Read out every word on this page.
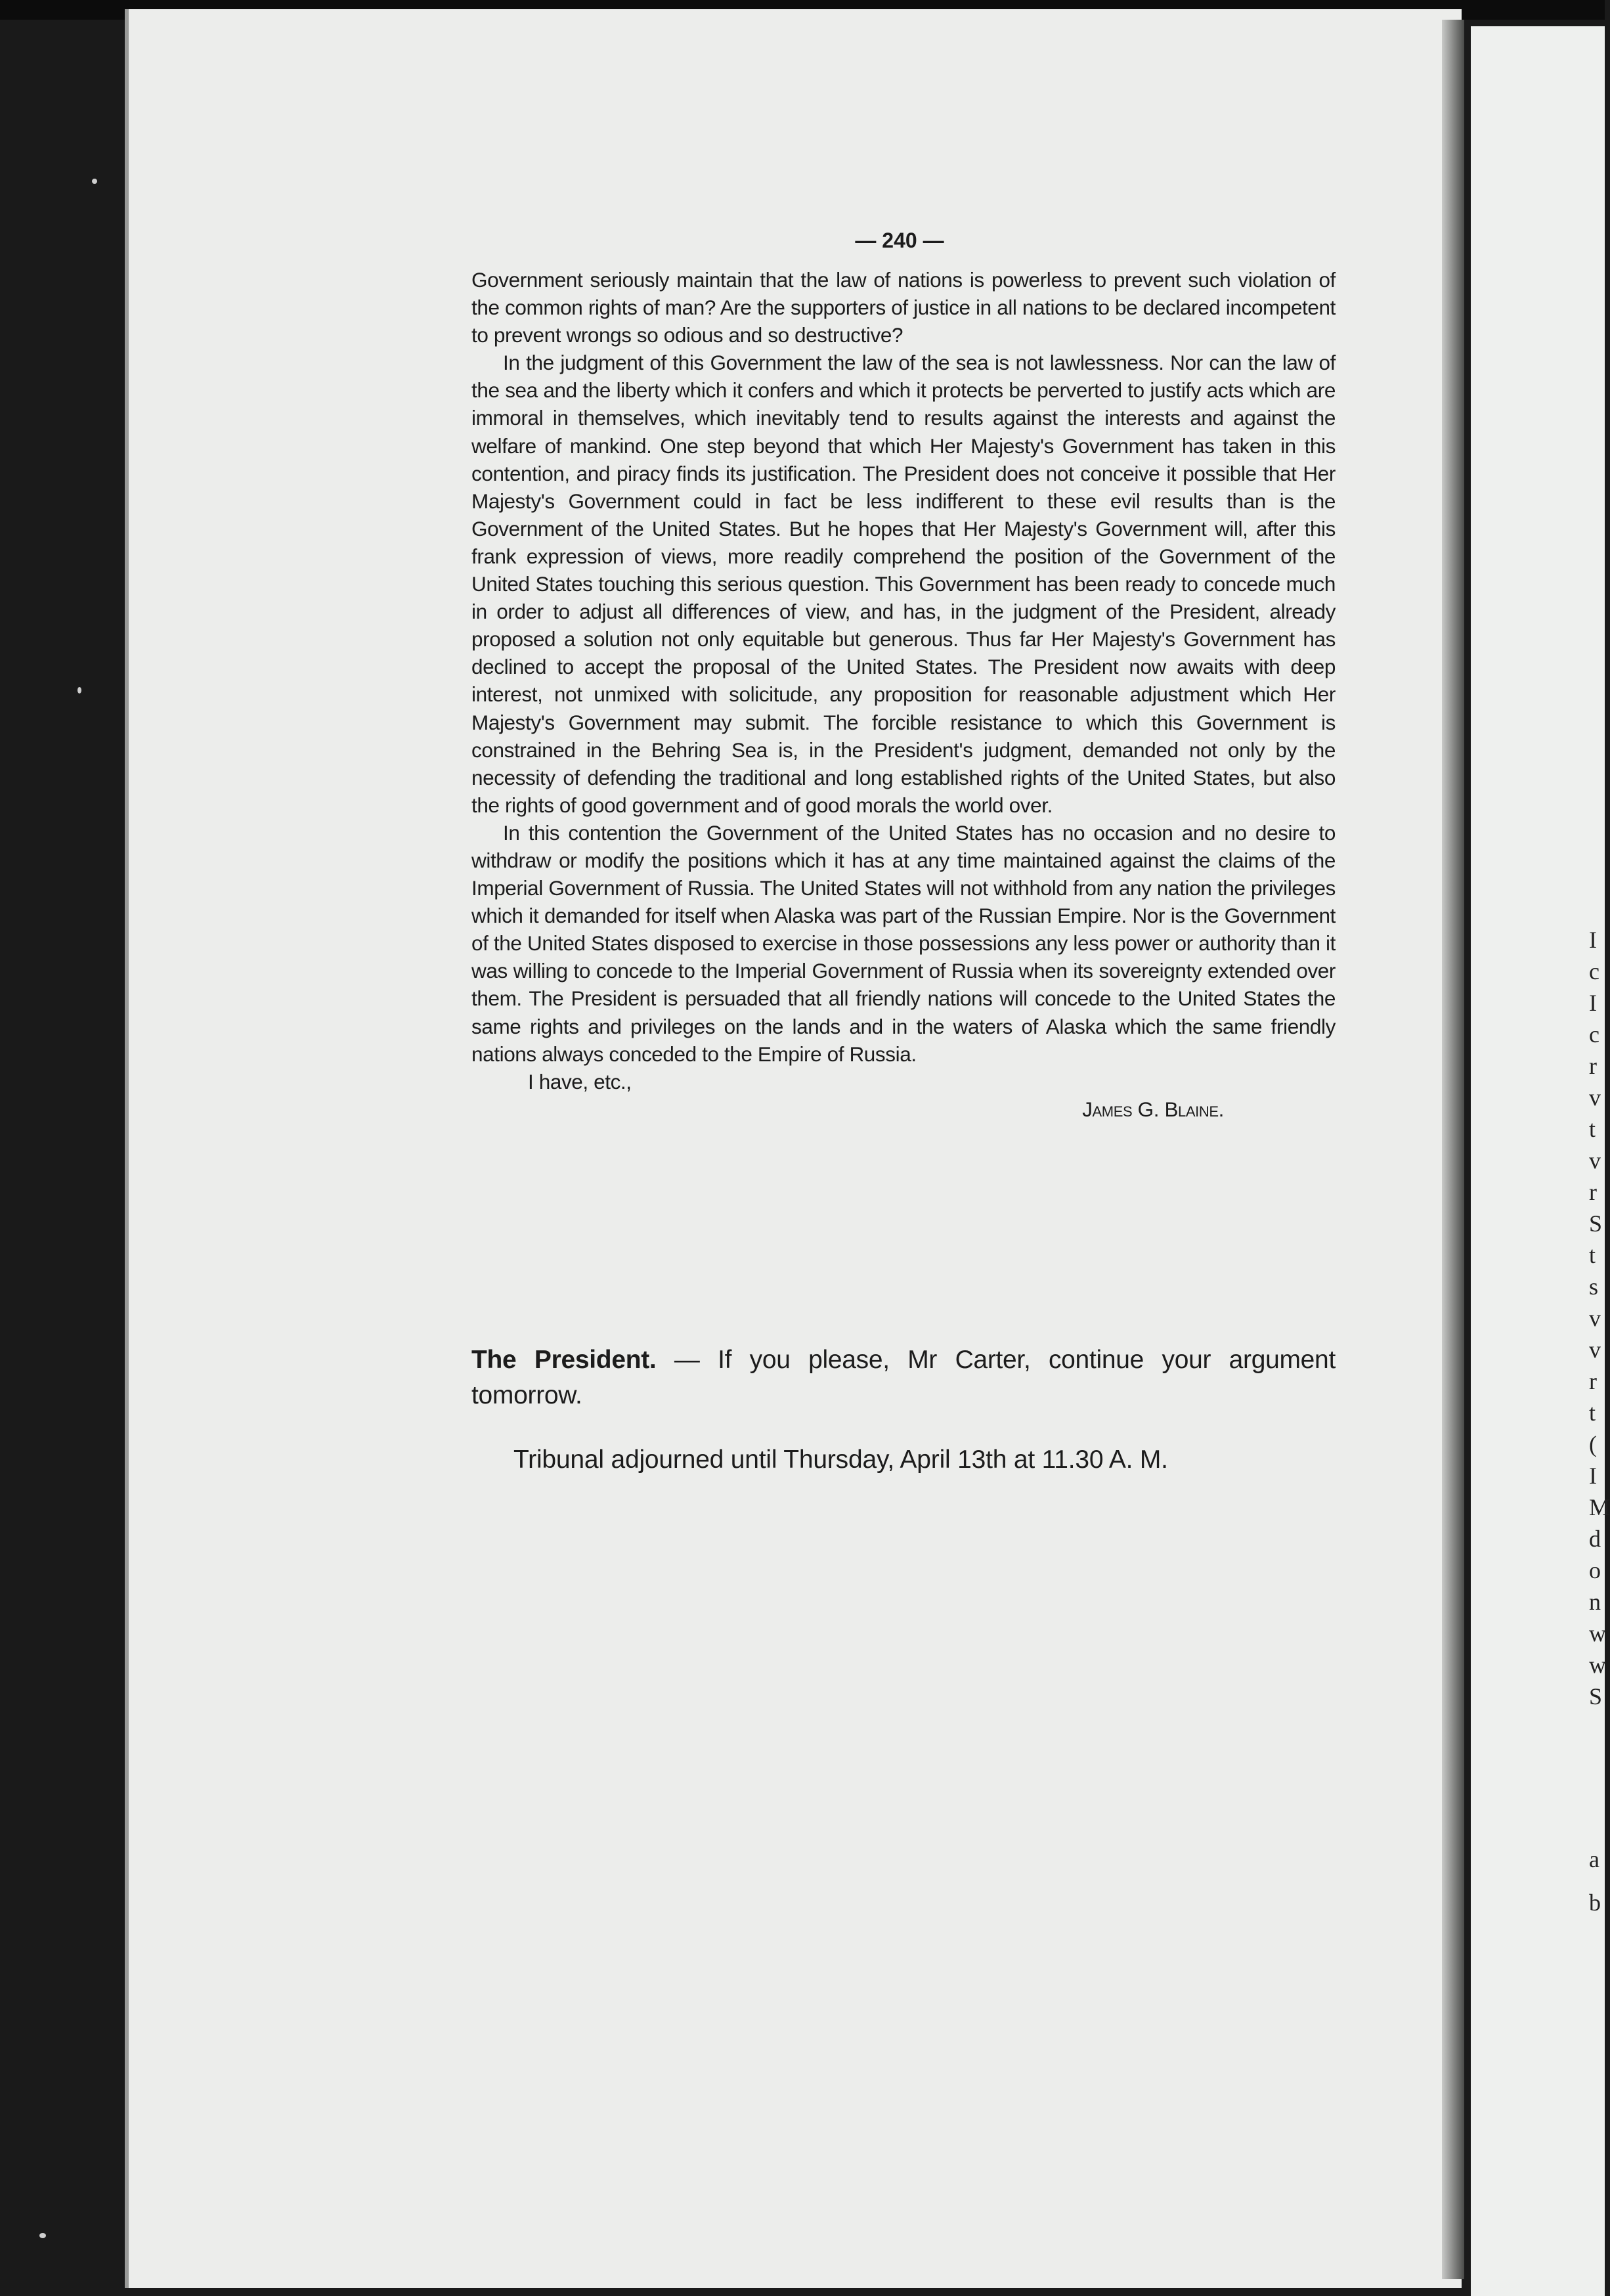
I
c
I
c
r
v
t
v
r
S
t
s
v
v
r
t
(
I
M
d
o
n
w
w
S
a
b
— 240 —

Government seriously maintain that the law of nations is powerless to prevent such violation of the common rights of man? Are the supporters of justice in all nations to be declared incompetent to prevent wrongs so odious and so destructive?

In the judgment of this Government the law of the sea is not lawlessness. Nor can the law of the sea and the liberty which it confers and which it protects be perverted to justify acts which are immoral in themselves, which inevitably tend to results against the interests and against the welfare of mankind. One step beyond that which Her Majesty's Government has taken in this contention, and piracy finds its justification. The President does not conceive it possible that Her Majesty's Government could in fact be less indifferent to these evil results than is the Government of the United States. But he hopes that Her Majesty's Government will, after this frank expression of views, more readily comprehend the position of the Government of the United States touching this serious question. This Government has been ready to concede much in order to adjust all differences of view, and has, in the judgment of the President, already proposed a solution not only equitable but generous. Thus far Her Majesty's Government has declined to accept the proposal of the United States. The President now awaits with deep interest, not unmixed with solicitude, any proposition for reasonable adjustment which Her Majesty's Government may submit. The forcible resistance to which this Government is constrained in the Behring Sea is, in the President's judgment, demanded not only by the necessity of defending the traditional and long established rights of the United States, but also the rights of good government and of good morals the world over.

In this contention the Government of the United States has no occasion and no desire to withdraw or modify the positions which it has at any time maintained against the claims of the Imperial Government of Russia. The United States will not withhold from any nation the privileges which it demanded for itself when Alaska was part of the Russian Empire. Nor is the Government of the United States disposed to exercise in those possessions any less power or authority than it was willing to concede to the Imperial Government of Russia when its sovereignty extended over them. The President is persuaded that all friendly nations will concede to the United States the same rights and privileges on the lands and in the waters of Alaska which the same friendly nations always conceded to the Empire of Russia.

I have, etc.,

James G. Blaine.

The President. — If you please, Mr Carter, continue your argument tomorrow.

Tribunal adjourned until Thursday, April 13th at 11.30 A. M.
